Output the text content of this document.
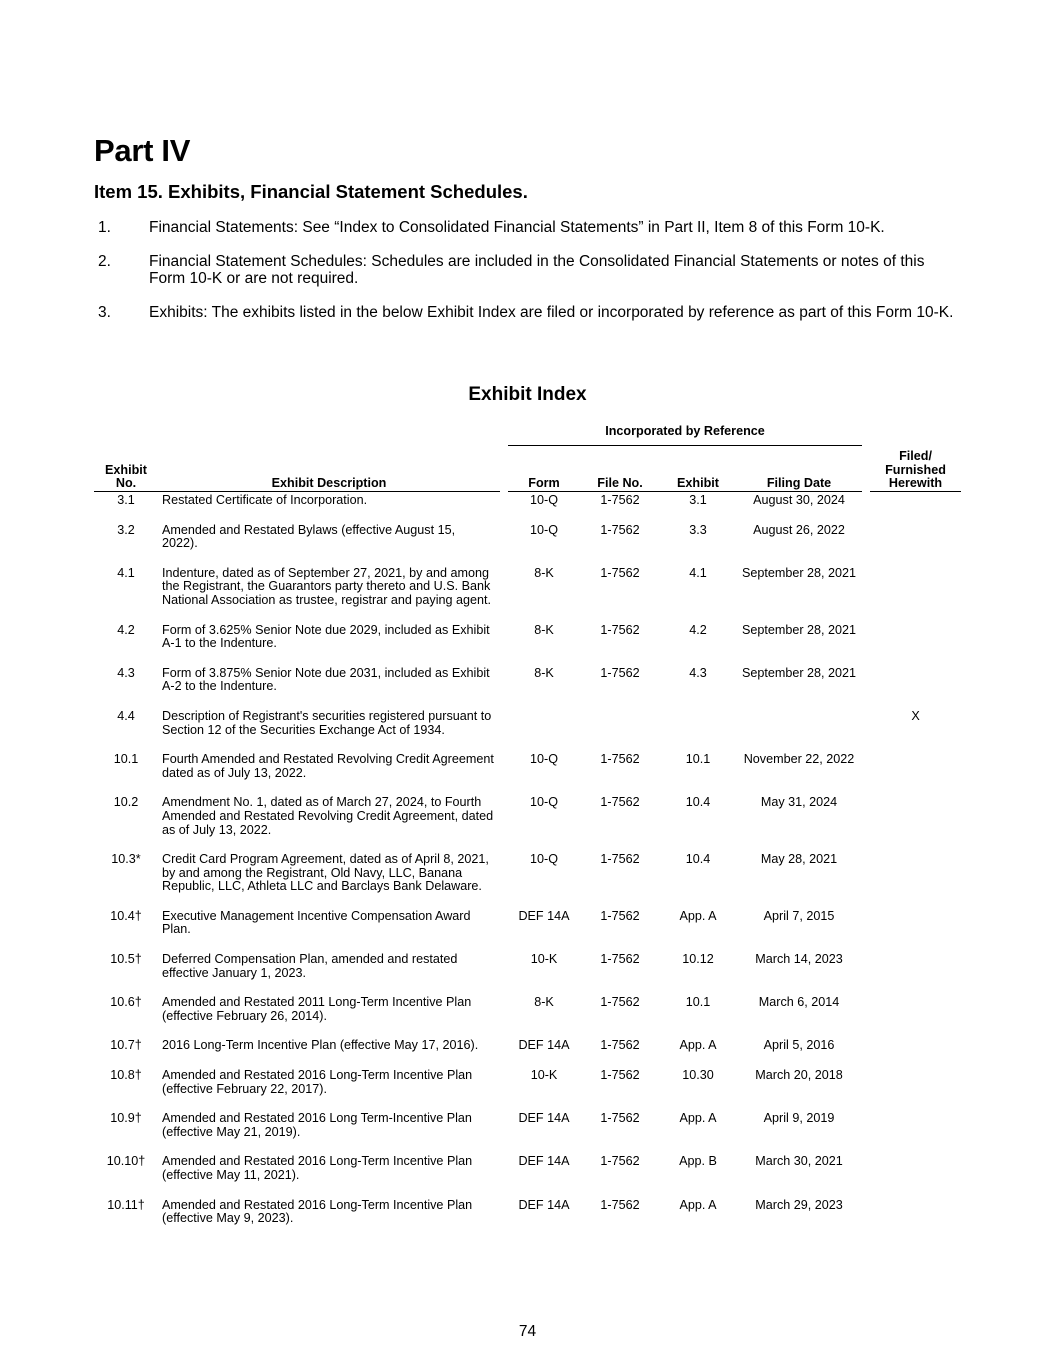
Part IV
Item 15. Exhibits, Financial Statement Schedules.
1.	Financial Statements: See “Index to Consolidated Financial Statements” in Part II, Item 8 of this Form 10-K.
2.	Financial Statement Schedules: Schedules are included in the Consolidated Financial Statements or notes of this Form 10-K or are not required.
3.	Exhibits: The exhibits listed in the below Exhibit Index are filed or incorporated by reference as part of this Form 10-K.
Exhibit Index
			Incorporated by Reference					Filed/ Furnished Herewith
Exhibit No.	Exhibit Description		Form	File No.	Exhibit	Filing Date		
3.1	Restated Certificate of Incorporation.		10-Q	1-7562	3.1	August 30, 2024		
3.2	Amended and Restated Bylaws (effective August 15, 2022).		10-Q	1-7562	3.3	August 26, 2022		
4.1	Indenture, dated as of September 27, 2021, by and among the Registrant, the Guarantors party thereto and U.S. Bank National Association as trustee, registrar and paying agent.		8-K	1-7562	4.1	September 28, 2021		
4.2	Form of 3.625% Senior Note due 2029, included as Exhibit A-1 to the Indenture.		8-K	1-7562	4.2	September 28, 2021		
4.3	Form of 3.875% Senior Note due 2031, included as Exhibit A-2 to the Indenture.		8-K	1-7562	4.3	September 28, 2021		
4.4	Description of Registrant's securities registered pursuant to Section 12 of the Securities Exchange Act of 1934.							X
10.1	Fourth Amended and Restated Revolving Credit Agreement dated as of July 13, 2022.		10-Q	1-7562	10.1	November 22, 2022		
10.2	Amendment No. 1, dated as of March 27, 2024, to Fourth Amended and Restated Revolving Credit Agreement, dated as of July 13, 2022.		10-Q	1-7562	10.4	May 31, 2024		
10.3*	Credit Card Program Agreement, dated as of April 8, 2021, by and among the Registrant, Old Navy, LLC, Banana Republic, LLC, Athleta LLC and Barclays Bank Delaware.		10-Q	1-7562	10.4	May 28, 2021		
10.4†	Executive Management Incentive Compensation Award Plan.		DEF 14A	1-7562	App. A	April 7, 2015		
10.5†	Deferred Compensation Plan, amended and restated effective January 1, 2023.		10-K	1-7562	10.12	March 14, 2023		
10.6†	Amended and Restated 2011 Long-Term Incentive Plan (effective February 26, 2014).		8-K	1-7562	10.1	March 6, 2014		
10.7†	2016 Long-Term Incentive Plan (effective May 17, 2016).		DEF 14A	1-7562	App. A	April 5, 2016		
10.8†	Amended and Restated 2016 Long-Term Incentive Plan (effective February 22, 2017).		10-K	1-7562	10.30	March 20, 2018		
10.9†	Amended and Restated 2016 Long Term-Incentive Plan (effective May 21, 2019).		DEF 14A	1-7562	App. A	April 9, 2019		
10.10†	Amended and Restated 2016 Long-Term Incentive Plan (effective May 11, 2021).		DEF 14A	1-7562	App. B	March 30, 2021		
10.11†	Amended and Restated 2016 Long-Term Incentive Plan (effective May 9, 2023).		DEF 14A	1-7562	App. A	March 29, 2023		
74
